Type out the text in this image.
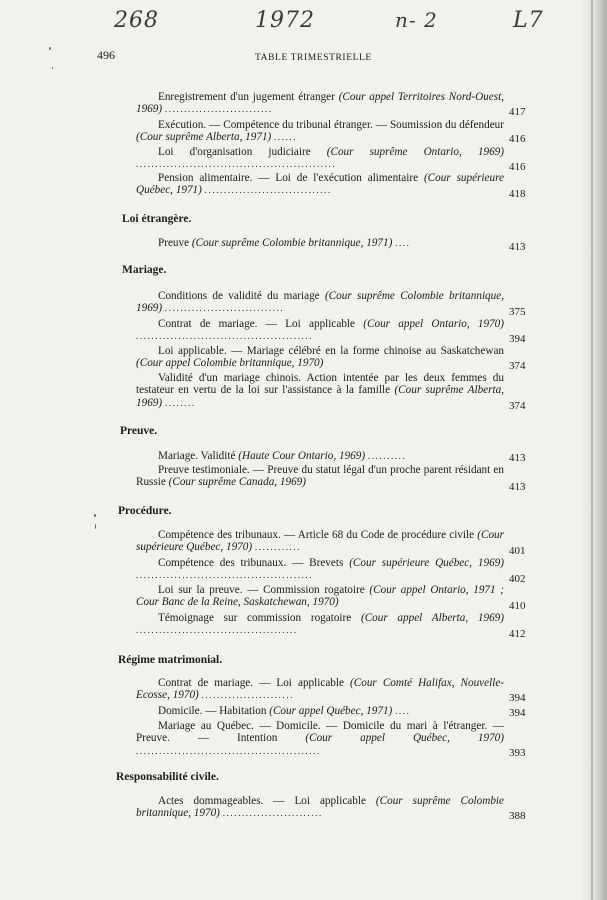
268	1972	n- 2	L7
496	TABLE TRIMESTRIELLE
Enregistrement d'un jugement étranger (Cour appel Territoires Nord-Ouest, 1969) ............................	417
Exécution. — Compétence du tribunal étranger. — Soumission du défendeur (Cour suprême Alberta, 1971) ......	416
Loi d'organisation judiciaire (Cour suprême Ontario, 1969) ....................................................	416
Pension alimentaire. — Loi de l'exécution alimentaire (Cour supérieure Québec, 1971) .................................	418
Loi étrangère.
Preuve (Cour suprême Colombie britannique, 1971) ....	413
Mariage.
Conditions de validité du mariage (Cour suprême Colombie britannique, 1969) ...............................	375
Contrat de mariage. — Loi applicable (Cour appel Ontario, 1970) ..............................................	394
Loi applicable. — Mariage célébré en la forme chinoise au Saskatchewan (Cour appel Colombie britannique, 1970)	374
Validité d'un mariage chinois. Action intentée par les deux femmes du testateur en vertu de la loi sur l'assistance à la famille (Cour suprême Alberta, 1969) ........	374
Preuve.
Mariage. Validité (Haute Cour Ontario, 1969) ..........	413
Preuve testimoniale. — Preuve du statut légal d'un proche parent résidant en Russie (Cour suprême Canada, 1969)	413
Procédure.
Compétence des tribunaux. — Article 68 du Code de procédure civile (Cour supérieure Québec, 1970) ............	401
Compétence des tribunaux. — Brevets (Cour supérieure Québec, 1969) ..............................................	402
Loi sur la preuve. — Commission rogatoire (Cour appel Ontario, 1971 ; Cour Banc de la Reine, Saskatchewan, 1970)	410
Témoignage sur commission rogatoire (Cour appel Alberta, 1969) ..........................................	412
Régime matrimonial.
Contrat de mariage. — Loi applicable (Cour Comté Halifax, Nouvelle-Ecosse, 1970) ........................	394
Domicile. — Habitation (Cour appel Québec, 1971) ....	394
Mariage au Québec. — Domicile. — Domicile du mari à l'étranger. — Preuve. — Intention (Cour appel Québec, 1970) ................................................	393
Responsabilité civile.
Actes dommageables. — Loi applicable (Cour suprême Colombie britannique, 1970) ..........................	388
